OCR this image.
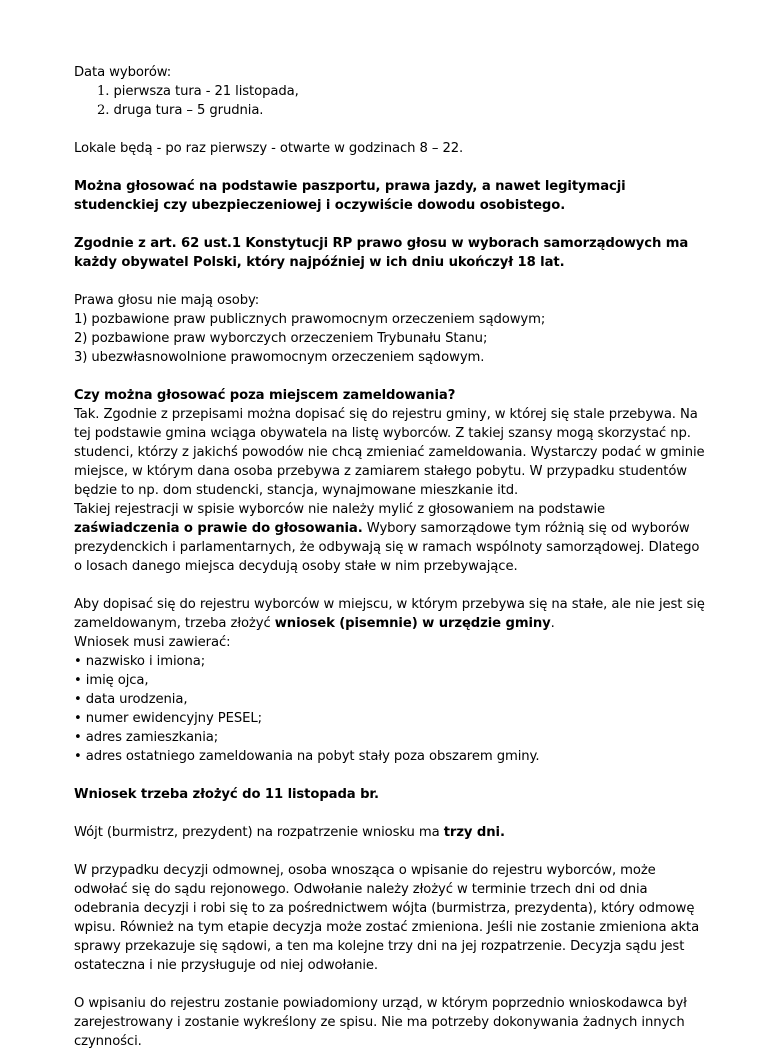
Data wyborów:

1. pierwsza tura - 21 listopada,
2. druga tura – 5 grudnia.

Lokale będą - po raz pierwszy - otwarte w godzinach 8 – 22.

Można głosować na podstawie paszportu, prawa jazdy, a nawet legitymacji studenckiej czy ubezpieczeniowej i oczywiście dowodu osobistego.

Zgodnie z art. 62 ust.1 Konstytucji RP prawo głosu w wyborach samorządowych ma każdy obywatel Polski, który najpóźniej w ich dniu ukończył 18 lat.

Prawa głosu nie mają osoby:

1) pozbawione praw publicznych prawomocnym orzeczeniem sądowym;

2) pozbawione praw wyborczych orzeczeniem Trybunału Stanu;

3) ubezwłasnowolnione prawomocnym orzeczeniem sądowym.

Czy można głosować poza miejscem zameldowania?

Tak. Zgodnie z przepisami można dopisać się do rejestru gminy, w której się stale przebywa. Na tej podstawie gmina wciąga obywatela na listę wyborców. Z takiej szansy mogą skorzystać np. studenci, którzy z jakichś powodów nie chcą zmieniać zameldowania. Wystarczy podać w gminie miejsce, w którym dana osoba przebywa z zamiarem stałego pobytu. W przypadku studentów będzie to np. dom studencki, stancja, wynajmowane mieszkanie itd.

Takiej rejestracji w spisie wyborców nie należy mylić z głosowaniem na podstawie zaświadczenia o prawie do głosowania. Wybory samorządowe tym różnią się od wyborów prezydenckich i parlamentarnych, że odbywają się w ramach wspólnoty samorządowej. Dlatego o losach danego miejsca decydują osoby stałe w nim przebywające.

Aby dopisać się do rejestru wyborców w miejscu, w którym przebywa się na stałe, ale nie jest się zameldowanym, trzeba złożyć wniosek (pisemnie) w urzędzie gminy.

Wniosek musi zawierać:

• nazwisko i imiona;

• imię ojca,

• data urodzenia,

• numer ewidencyjny PESEL;

• adres zamieszkania;

• adres ostatniego zameldowania na pobyt stały poza obszarem gminy.

Wniosek trzeba złożyć do 11 listopada br.

Wójt (burmistrz, prezydent) na rozpatrzenie wniosku ma trzy dni.

W przypadku decyzji odmownej, osoba wnosząca o wpisanie do rejestru wyborców, może odwołać się do sądu rejonowego. Odwołanie należy złożyć w terminie trzech dni od dnia odebrania decyzji i robi się to za pośrednictwem wójta (burmistrza, prezydenta), który odmowę wpisu. Również na tym etapie decyzja może zostać zmieniona. Jeśli nie zostanie zmieniona akta sprawy przekazuje się sądowi, a ten ma kolejne trzy dni na jej rozpatrzenie. Decyzja sądu jest ostateczna i nie przysługuje od niej odwołanie.

O wpisaniu do rejestru zostanie powiadomiony urząd, w którym poprzednio wnioskodawca był zarejestrowany i zostanie wykreślony ze spisu. Nie ma potrzeby dokonywania żadnych innych czynności.
